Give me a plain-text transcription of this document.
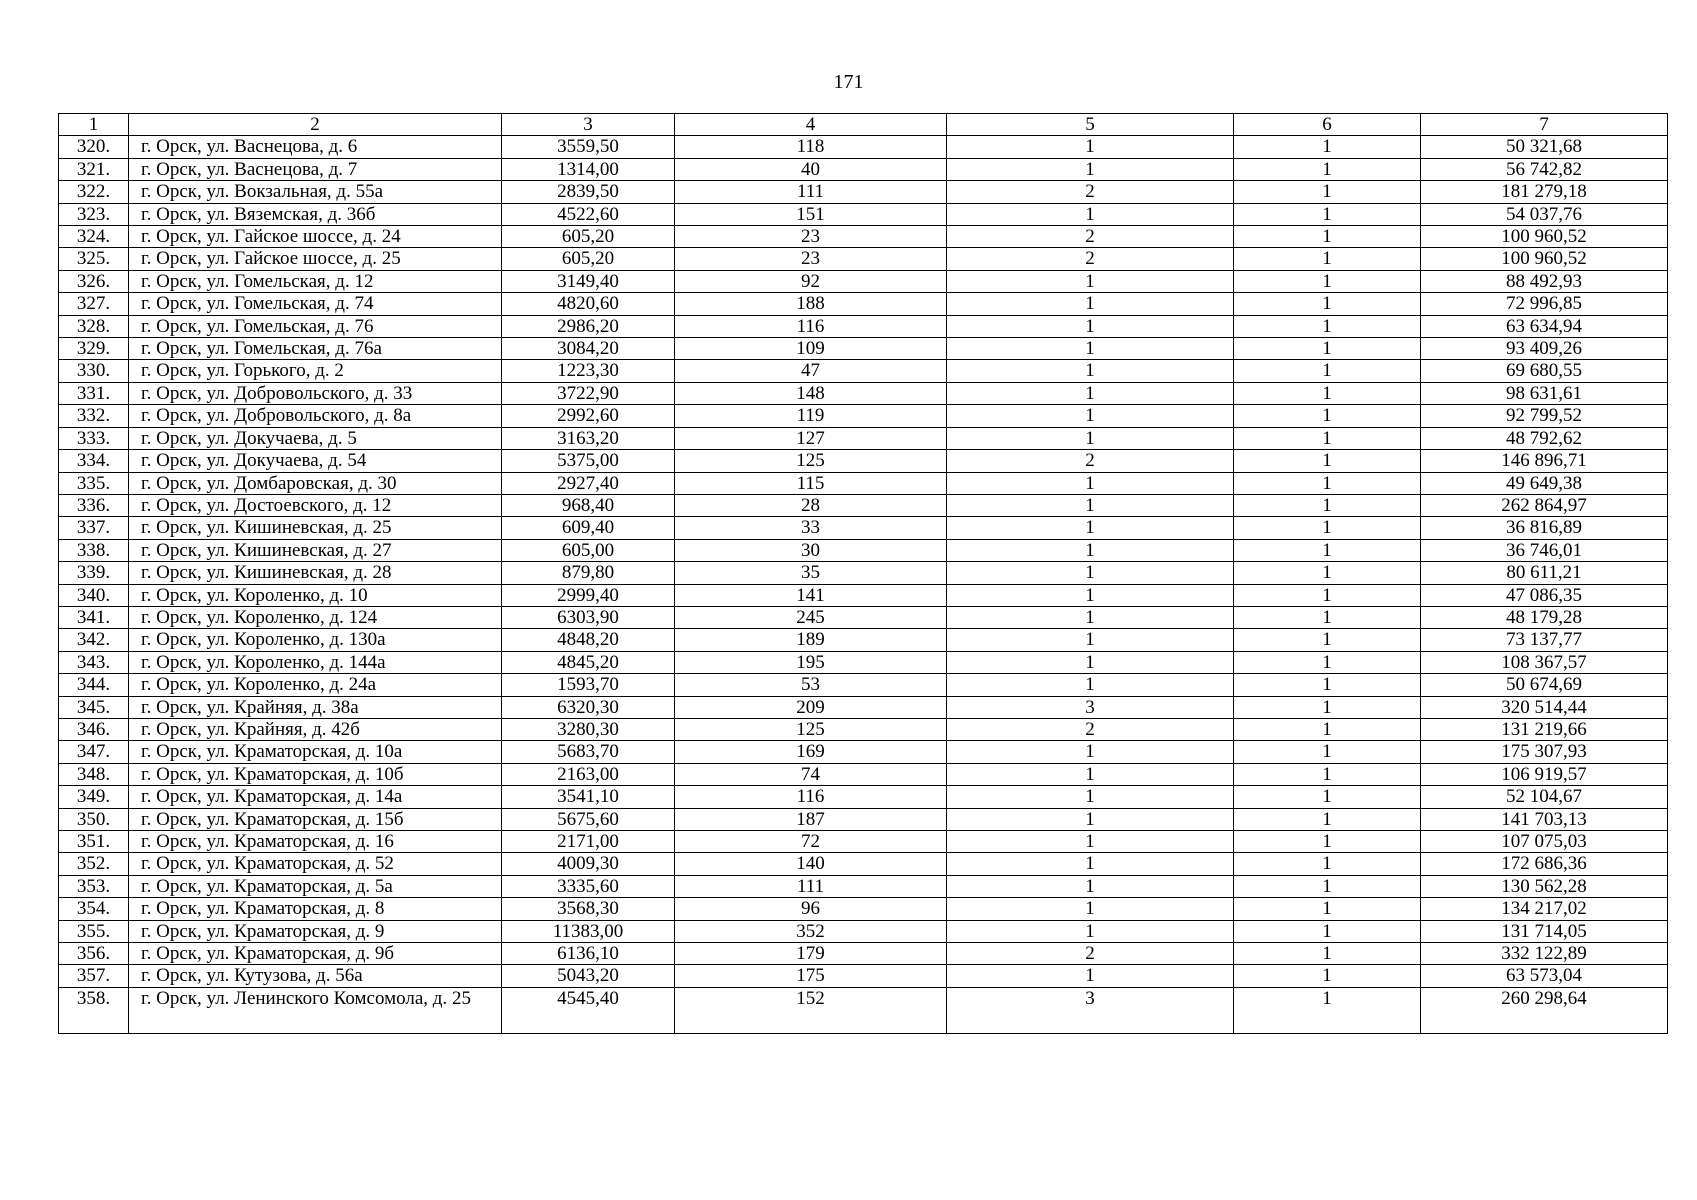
171
1	2	3	4	5	6	7
320.	г. Орск, ул. Васнецова, д. 6	3559,50	118	1	1	50 321,68
321.	г. Орск, ул. Васнецова, д. 7	1314,00	40	1	1	56 742,82
322.	г. Орск, ул. Вокзальная, д. 55а	2839,50	111	2	1	181 279,18
323.	г. Орск, ул. Вяземская, д. 36б	4522,60	151	1	1	54 037,76
324.	г. Орск, ул. Гайское шоссе, д. 24	605,20	23	2	1	100 960,52
325.	г. Орск, ул. Гайское шоссе, д. 25	605,20	23	2	1	100 960,52
326.	г. Орск, ул. Гомельская, д. 12	3149,40	92	1	1	88 492,93
327.	г. Орск, ул. Гомельская, д. 74	4820,60	188	1	1	72 996,85
328.	г. Орск, ул. Гомельская, д. 76	2986,20	116	1	1	63 634,94
329.	г. Орск, ул. Гомельская, д. 76а	3084,20	109	1	1	93 409,26
330.	г. Орск, ул. Горького, д. 2	1223,30	47	1	1	69 680,55
331.	г. Орск, ул. Добровольского, д. 33	3722,90	148	1	1	98 631,61
332.	г. Орск, ул. Добровольского, д. 8а	2992,60	119	1	1	92 799,52
333.	г. Орск, ул. Докучаева, д. 5	3163,20	127	1	1	48 792,62
334.	г. Орск, ул. Докучаева, д. 54	5375,00	125	2	1	146 896,71
335.	г. Орск, ул. Домбаровская, д. 30	2927,40	115	1	1	49 649,38
336.	г. Орск, ул. Достоевского, д. 12	968,40	28	1	1	262 864,97
337.	г. Орск, ул. Кишиневская, д. 25	609,40	33	1	1	36 816,89
338.	г. Орск, ул. Кишиневская, д. 27	605,00	30	1	1	36 746,01
339.	г. Орск, ул. Кишиневская, д. 28	879,80	35	1	1	80 611,21
340.	г. Орск, ул. Короленко, д. 10	2999,40	141	1	1	47 086,35
341.	г. Орск, ул. Короленко, д. 124	6303,90	245	1	1	48 179,28
342.	г. Орск, ул. Короленко, д. 130а	4848,20	189	1	1	73 137,77
343.	г. Орск, ул. Короленко, д. 144а	4845,20	195	1	1	108 367,57
344.	г. Орск, ул. Короленко, д. 24а	1593,70	53	1	1	50 674,69
345.	г. Орск, ул. Крайняя, д. 38а	6320,30	209	3	1	320 514,44
346.	г. Орск, ул. Крайняя, д. 42б	3280,30	125	2	1	131 219,66
347.	г. Орск, ул. Краматорская, д. 10а	5683,70	169	1	1	175 307,93
348.	г. Орск, ул. Краматорская, д. 10б	2163,00	74	1	1	106 919,57
349.	г. Орск, ул. Краматорская, д. 14а	3541,10	116	1	1	52 104,67
350.	г. Орск, ул. Краматорская, д. 15б	5675,60	187	1	1	141 703,13
351.	г. Орск, ул. Краматорская, д. 16	2171,00	72	1	1	107 075,03
352.	г. Орск, ул. Краматорская, д. 52	4009,30	140	1	1	172 686,36
353.	г. Орск, ул. Краматорская, д. 5а	3335,60	111	1	1	130 562,28
354.	г. Орск, ул. Краматорская, д. 8	3568,30	96	1	1	134 217,02
355.	г. Орск, ул. Краматорская, д. 9	11383,00	352	1	1	131 714,05
356.	г. Орск, ул. Краматорская, д. 9б	6136,10	179	2	1	332 122,89
357.	г. Орск, ул. Кутузова, д. 56а	5043,20	175	1	1	63 573,04
358.	г. Орск, ул. Ленинского Комсомола, д. 25	4545,40	152	3	1	260 298,64
